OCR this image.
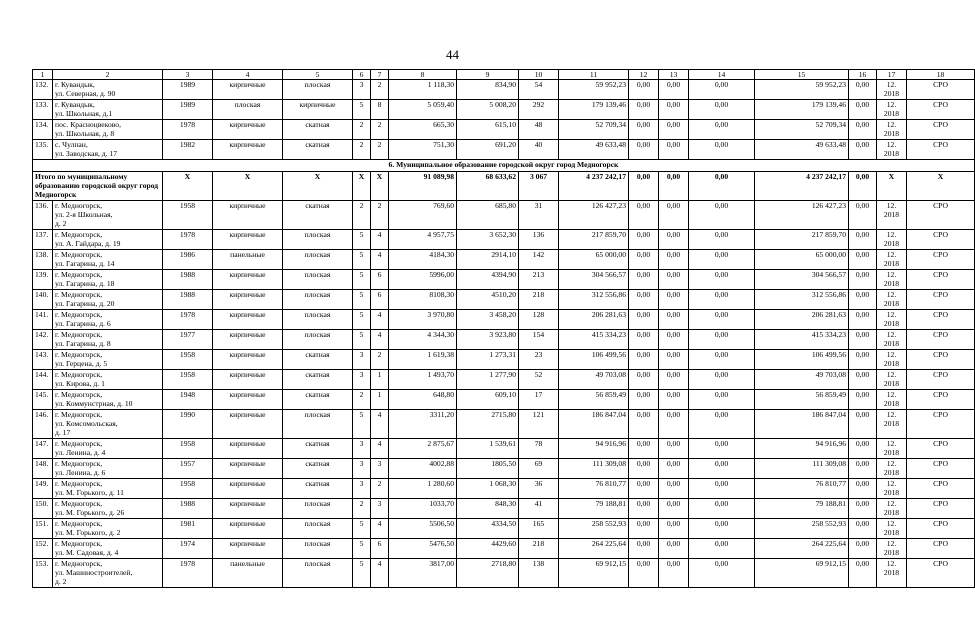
44
1	2	3	4	5	6	7	8	9	10	11	12	13	14	15	16	17	18
132.	г. Кувандык,
ул. Северная, д. 90	1989	кирпичные	плоская	3	2	1 118,30	834,90	54	59 952,23	0,00	0,00	0,00	59 952,23	0,00	12.
2018	СРО
133.	г. Кувандык,
ул. Школьная, д.1	1989	плоская	кирпичные	5	8	5 059,40	5 008,20	292	179 139,46	0,00	0,00	0,00	179 139,46	0,00	12.
2018	СРО
134.	пос. Красноцвеково,
ул. Школьная, д. 8	1978	кирпичные	скатная	2	2	665,30	615,10	48	52 709,34	0,00	0,00	0,00	52 709,34	0,00	12.
2018	СРО
135.	с. Чулпан,
ул. Заводская, д. 17	1982	кирпичные	скатная	2	2	751,30	691,20	40	49 633,48	0,00	0,00	0,00	49 633,48	0,00	12.
2018	СРО
6. Муниципальное образование городской округ город Медногорск																	
Итого по муниципальному образованию городской округ город Медногорск		X	X	X	X	X	91 089,98	68 633,62	3 067	4 237 242,17	0,00	0,00	0,00	4 237 242,17	0,00	X	X
136.	г. Медногорск,
ул. 2-я Школьная,
д. 2	1958	кирпичные	скатная	2	2	769,60	685,80	31	126 427,23	0,00	0,00	0,00	126 427,23	0,00	12.
2018	СРО
137.	г. Медногорск,
ул. А. Гайдара, д. 19	1978	кирпичные	плоская	5	4	4 957,75	3 652,30	136	217 859,70	0,00	0,00	0,00	217 859,70	0,00	12.
2018	СРО
138.	г. Медногорск,
ул. Гагарина, д. 14	1986	панельные	плоская	5	4	4184,30	2914,10	142	65 000,00	0,00	0,00	0,00	65 000,00	0,00	12.
2018	СРО
139.	г. Медногорск,
ул. Гагарина, д. 18	1988	кирпичные	плоская	5	6	5996,00	4394,90	213	304 566,57	0,00	0,00	0,00	304 566,57	0,00	12.
2018	СРО
140.	г. Медногорск,
ул. Гагарина, д. 20	1988	кирпичные	плоская	5	6	8108,30	4510,20	218	312 556,86	0,00	0,00	0,00	312 556,86	0,00	12.
2018	СРО
141.	г. Медногорск,
ул. Гагарина, д. 6	1978	кирпичные	плоская	5	4	3 970,80	3 458,20	128	206 281,63	0,00	0,00	0,00	206 281,63	0,00	12.
2018	СРО
142.	г. Медногорск,
ул. Гагарина, д. 8	1977	кирпичные	плоская	5	4	4 344,30	3 923,80	154	415 334,23	0,00	0,00	0,00	415 334,23	0,00	12.
2018	СРО
143.	г. Медногорск,
ул. Герцена, д. 5	1958	кирпичные	скатная	3	2	1 619,38	1 273,31	23	106 499,56	0,00	0,00	0,00	106 499,56	0,00	12.
2018	СРО
144.	г. Медногорск,
ул. Кирова, д. 1	1958	кирпичные	скатная	3	1	1 493,70	1 277,90	52	49 703,08	0,00	0,00	0,00	49 703,08	0,00	12.
2018	СРО
145.	г. Медногорск,
ул. Коммунстрная, д. 10	1948	кирпичные	скатная	2	1	648,80	609,10	17	56 859,49	0,00	0,00	0,00	56 859,49	0,00	12.
2018	СРО
146.	г. Медногорск,
ул. Комсомольская,
д. 17	1990	кирпичные	плоская	5	4	3311,20	2715,80	121	186 847,04	0,00	0,00	0,00	186 847,04	0,00	12.
2018	СРО
147.	г. Медногорск,
ул. Ленина, д. 4	1958	кирпичные	скатная	3	4	2 875,67	1 539,61	78	94 916,96	0,00	0,00	0,00	94 916,96	0,00	12.
2018	СРО
148.	г. Медногорск,
ул. Ленина, д. 6	1957	кирпичные	скатная	3	3	4002,88	1805,50	69	111 309,08	0,00	0,00	0,00	111 309,08	0,00	12.
2018	СРО
149.	г. Медногорск,
ул. М. Горького, д. 11	1958	кирпичные	скатная	3	2	1 280,60	1 068,30	36	76 810,77	0,00	0,00	0,00	76 810,77	0,00	12.
2018	СРО
150.	г. Медногорск,
ул. М. Горького, д. 26	1988	кирпичные	плоская	2	3	1033,70	848,30	41	79 188,81	0,00	0,00	0,00	79 188,81	0,00	12.
2018	СРО
151.	г. Медногорск,
ул. М. Горького, д. 2	1981	кирпичные	плоская	5	4	5506,50	4334,50	165	258 552,93	0,00	0,00	0,00	258 552,93	0,00	12.
2018	СРО
152.	г. Медногорск,
ул. М. Садовая, д. 4	1974	кирпичные	плоская	5	6	5476,50	4429,60	218	264 225,64	0,00	0,00	0,00	264 225,64	0,00	12.
2018	СРО
153.	г. Медногорск,
ул. Машиностроителей,
д. 2	1978	панельные	плоская	5	4	3817,00	2718,80	138	69 912,15	0,00	0,00	0,00	69 912,15	0,00	12.
2018	СРО
